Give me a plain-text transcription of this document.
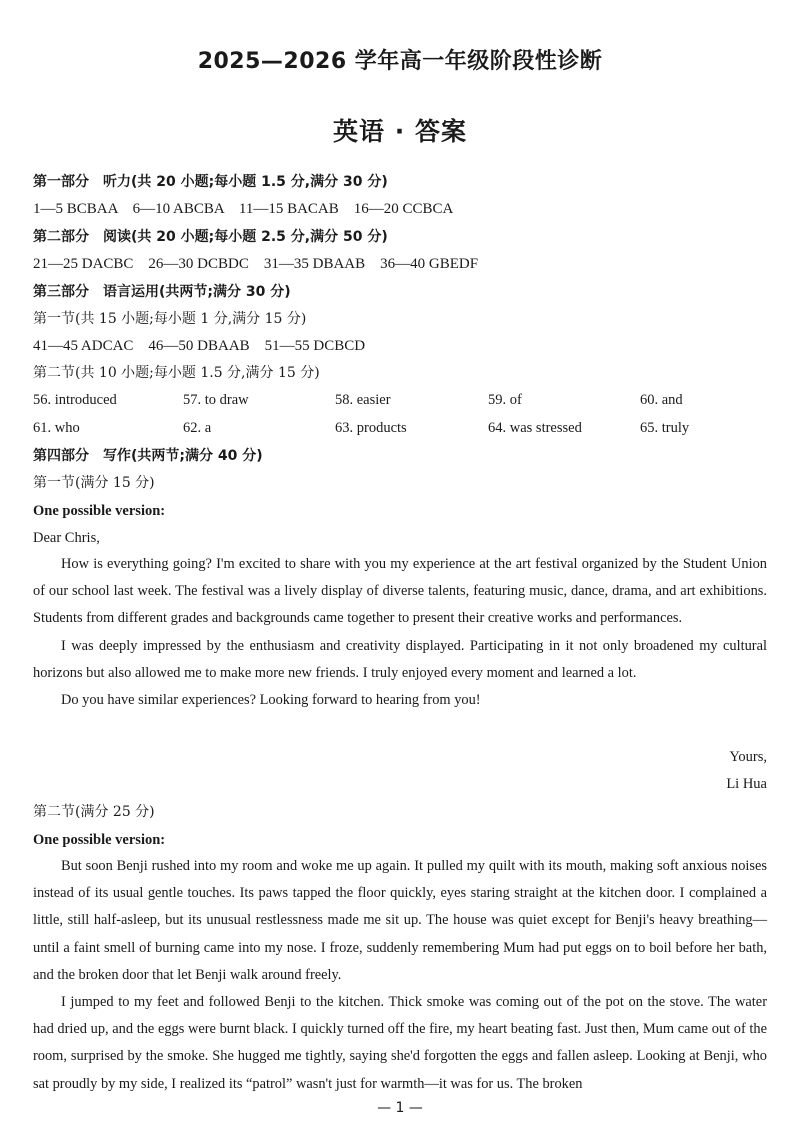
2025—2026 学年高一年级阶段性诊断
英语 · 答案
第一部分　听力(共 20 小题;每小题 1.5 分,满分 30 分)
1—5 BCBAA　6—10 ABCBA　11—15 BACAB　16—20 CCBCA
第二部分　阅读(共 20 小题;每小题 2.5 分,满分 50 分)
21—25 DACBC　26—30 DCBDC　31—35 DBAAB　36—40 GBEDF
第三部分　语言运用(共两节;满分 30 分)
第一节(共 15 小题;每小题 1 分,满分 15 分)
41—45 ADCAC　46—50 DBAAB　51—55 DCBCD
第二节(共 10 小题;每小题 1.5 分,满分 15 分)
56. introduced	57. to draw	58. easier	59. of	60. and
61. who	62. a	63. products	64. was stressed	65. truly
第四部分　写作(共两节;满分 40 分)
第一节(满分 15 分)
One possible version:
Dear Chris,

How is everything going? I'm excited to share with you my experience at the art festival organized by the Student Union of our school last week. The festival was a lively display of diverse talents, featuring music, dance, drama, and art exhibitions. Students from different grades and backgrounds came together to present their creative works and performances.

I was deeply impressed by the enthusiasm and creativity displayed. Participating in it not only broadened my cultural horizons but also allowed me to make more new friends. I truly enjoyed every moment and learned a lot.

Do you have similar experiences? Looking forward to hearing from you!

Yours,
Li Hua
第二节(满分 25 分)
One possible version:

But soon Benji rushed into my room and woke me up again. It pulled my quilt with its mouth, making soft anxious noises instead of its usual gentle touches. Its paws tapped the floor quickly, eyes staring straight at the kitchen door. I complained a little, still half-asleep, but its unusual restlessness made me sit up. The house was quiet except for Benji's heavy breathing—until a faint smell of burning came into my nose. I froze, suddenly remembering Mum had put eggs on to boil before her bath, and the broken door that let Benji walk around freely.

I jumped to my feet and followed Benji to the kitchen. Thick smoke was coming out of the pot on the stove. The water had dried up, and the eggs were burnt black. I quickly turned off the fire, my heart beating fast. Just then, Mum came out of the room, surprised by the smoke. She hugged me tightly, saying she'd forgotten the eggs and fallen asleep. Looking at Benji, who sat proudly by my side, I realized its “patrol” wasn't just for warmth—it was for us. The broken

— 1 —
